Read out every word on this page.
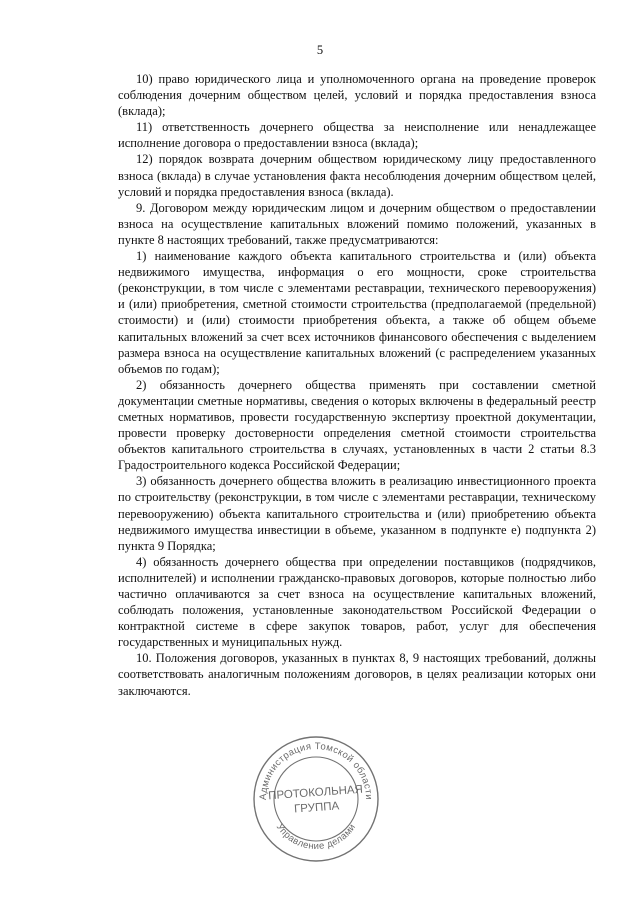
5

10) право юридического лица и уполномоченного органа на проведение проверок соблюдения дочерним обществом целей, условий и порядка предоставления взноса (вклада);

11) ответственность дочернего общества за неисполнение или ненадлежащее исполнение договора о предоставлении взноса (вклада);

12) порядок возврата дочерним обществом юридическому лицу предоставленного взноса (вклада) в случае установления факта несоблюдения дочерним обществом целей, условий и порядка предоставления взноса (вклада).

9. Договором между юридическим лицом и дочерним обществом о предоставлении взноса на осуществление капитальных вложений помимо положений, указанных в пункте 8 настоящих требований, также предусматриваются:

1) наименование каждого объекта капитального строительства и (или) объекта недвижимого имущества, информация о его мощности, сроке строительства (реконструкции, в том числе с элементами реставрации, технического перевооружения) и (или) приобретения, сметной стоимости строительства (предполагаемой (предельной) стоимости) и (или) стоимости приобретения объекта, а также об общем объеме капитальных вложений за счет всех источников финансового обеспечения с выделением размера взноса на осуществление капитальных вложений (с распределением указанных объемов по годам);

2) обязанность дочернего общества применять при составлении сметной документации сметные нормативы, сведения о которых включены в федеральный реестр сметных нормативов, провести государственную экспертизу проектной документации, провести проверку достоверности определения сметной стоимости строительства объектов капитального строительства в случаях, установленных в части 2 статьи 8.3 Градостроительного кодекса Российской Федерации;

3) обязанность дочернего общества вложить в реализацию инвестиционного проекта по строительству (реконструкции, в том числе с элементами реставрации, техническому перевооружению) объекта капитального строительства и (или) приобретению объекта недвижимого имущества инвестиции в объеме, указанном в подпункте е) подпункта 2) пункта 9 Порядка;

4) обязанность дочернего общества при определении поставщиков (подрядчиков, исполнителей) и исполнении гражданско-правовых договоров, которые полностью либо частично оплачиваются за счет взноса на осуществление капитальных вложений, соблюдать положения, установленные законодательством Российской Федерации о контрактной системе в сфере закупок товаров, работ, услуг для обеспечения государственных и муниципальных нужд.

10. Положения договоров, указанных в пунктах 8, 9 настоящих требований, должны соответствовать аналогичным положениям договоров, в целях реализации которых они заключаются.

Администрация Томской области
Управление делами
ПРОТОКОЛЬНАЯ
ГРУППА
